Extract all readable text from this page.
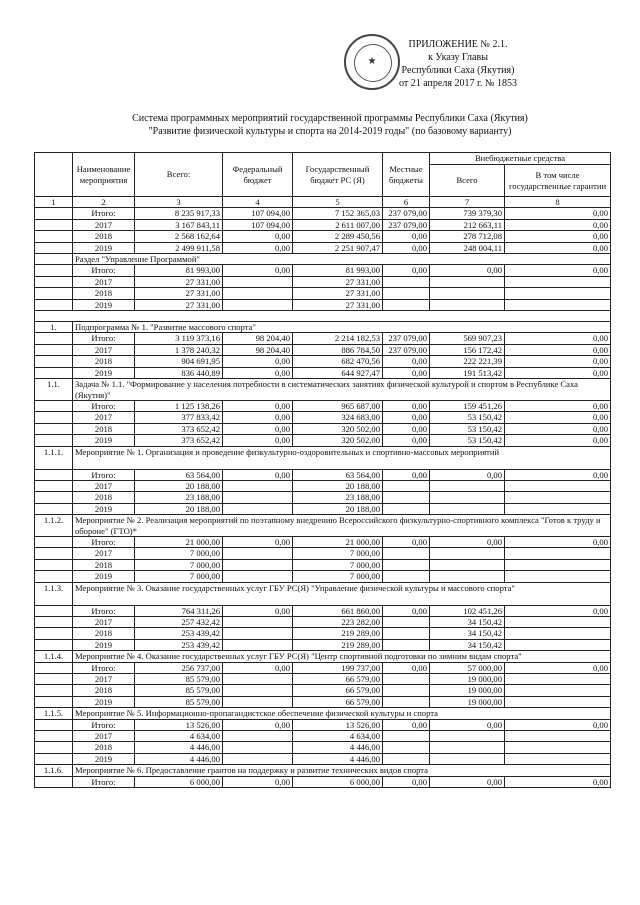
★
ПРИЛОЖЕНИЕ № 2.1.
к Указу Главы
Республики Саха (Якутия)
от 21 апреля 2017 г. № 1853
Система программных мероприятий государственной программы Республики Саха (Якутия)
"Развитие физической культуры и спорта на 2014-2019 годы" (по базовому варианту)
	Наименование мероприятия	Всего:	Федеральный бюджет	Государственный бюджет РС (Я)	Местные бюджеты	Внебюджетные средства	
						Всего	В том числе государственные гарантии
1	2	3	4	5	6	7	8
	Итого:	8 235 917,33	107 094,00	7 152 365,03	237 079,00	739 379,30	0,00
	2017	3 167 843,11	107 094,00	2 611 007,00	237 079,00	212 663,11	0,00
	2018	2 568 162,64	0,00	2 289 450,56	0,00	278 712,08	0,00
	2019	2 499 911,58	0,00	2 251 907,47	0,00	248 004,11	0,00
	Раздел "Управление Программой"						
	Итого:	81 993,00	0,00	81 993,00	0,00	0,00	0,00
	2017	27 331,00		27 331,00			
	2018	27 331,00		27 331,00			
	2019	27 331,00		27 331,00			

1.	Подпрограмма № 1. "Развитие массового спорта"						
	Итого:	3 119 373,16	98 204,40	2 214 182,53	237 079,00	569 907,23	0,00
	2017	1 378 240,32	98 204,40	886 784,50	237 079,00	156 172,42	0,00
	2018	904 691,95	0,00	682 470,56	0,00	222 221,39	0,00
	2019	836 440,89	0,00	644 927,47	0,00	191 513,42	0,00
1.1.	Задача № 1.1. "Формирование у населения потребности в систематических занятиях физической культурой и спортом в Республике Саха (Якутия)"						
	Итого:	1 125 138,26	0,00	965 687,00	0,00	159 451,26	0,00
	2017	377 833,42	0,00	324 683,00	0,00	53 150,42	0,00
	2018	373 652,42	0,00	320 502,00	0,00	53 150,42	0,00
	2019	373 652,42	0,00	320 502,00	0,00	53 150,42	0,00
1.1.1.	Мероприятие № 1. Организация и проведение физкультурно-оздоровительных и спортивно-массовых мероприятий						
	Итого:	63 564,00	0,00	63 564,00	0,00	0,00	0,00
	2017	20 188,00		20 188,00			
	2018	23 188,00		23 188,00			
	2019	20 188,00		20 188,00			
1.1.2.	Мероприятие № 2. Реализация мероприятий по поэтапному внедрению Всероссийского физкультурно-спортивного комплекса "Готов к труду и обороне" (ГТО)*						
	Итого:	21 000,00	0,00	21 000,00	0,00	0,00	0,00
	2017	7 000,00		7 000,00			
	2018	7 000,00		7 000,00			
	2019	7 000,00		7 000,00			
1.1.3.	Мероприятие № 3. Оказание государственных услуг ГБУ РС(Я) "Управление физической культуры и массового спорта"						
	Итого:	764 311,26	0,00	661 860,00	0,00	102 451,26	0,00
	2017	257 432,42		223 282,00		34 150,42	
	2018	253 439,42		219 289,00		34 150,42	
	2019	253 439,42		219 289,00		34 150,42	
1.1.4.	Мероприятие № 4. Оказание государственных услуг ГБУ РС(Я) "Центр спортивной подготовки по зимним видам спорта"						
	Итого:	256 737,00	0,00	199 737,00	0,00	57 000,00	0,00
	2017	85 579,00		66 579,00		19 000,00	
	2018	85 579,00		66 579,00		19 000,00	
	2019	85 579,00		66 579,00		19 000,00	
1.1.5.	Мероприятие № 5. Информационно-пропагандистское обеспечение физической культуры и спорта						
	Итого:	13 526,00	0,00	13 526,00	0,00	0,00	0,00
	2017	4 634,00		4 634,00			
	2018	4 446,00		4 446,00			
	2019	4 446,00		4 446,00			
1.1.6.	Мероприятие № 6. Предоставление грантов на поддержку и развитие технических видов спорта						
	Итого:	6 000,00	0,00	6 000,00	0,00	0,00	0,00
